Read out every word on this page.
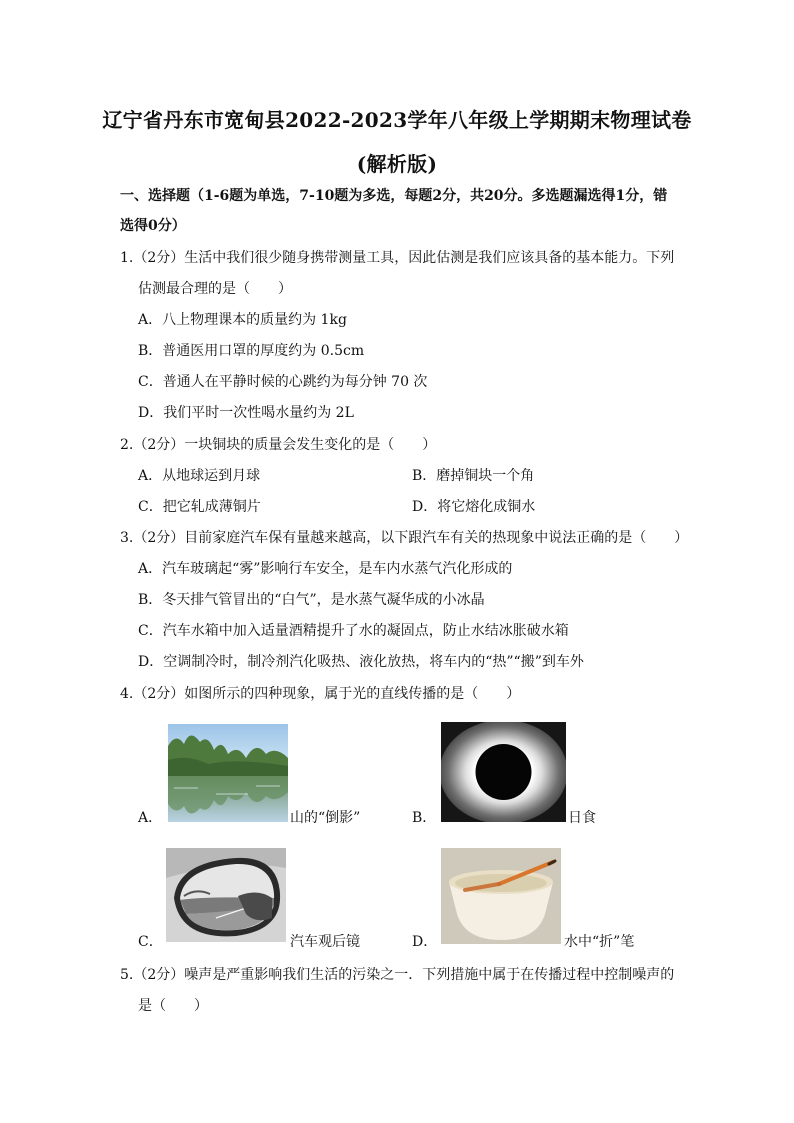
辽宁省丹东市宽甸县2022-2023学年八年级上学期期末物理试卷
(解析版)
一、选择题（1-6题为单选，7-10题为多选，每题2分，共20分。多选题漏选得1分，错
选得0分）
1.（2分）生活中我们很少随身携带测量工具，因此估测是我们应该具备的基本能力。下列
估测最合理的是（　　）
A．八上物理课本的质量约为 1kg
B．普通医用口罩的厚度约为 0.5cm
C．普通人在平静时候的心跳约为每分钟 70 次
D．我们平时一次性喝水量约为 2L
2.（2分）一块铜块的质量会发生变化的是（　　）
A．从地球运到月球	B．磨掉铜块一个角
C．把它轧成薄铜片	D．将它熔化成铜水
3.（2分）目前家庭汽车保有量越来越高，以下跟汽车有关的热现象中说法正确的是（　　）
A．汽车玻璃起“雾”影响行车安全，是车内水蒸气汽化形成的
B．冬天排气管冒出的“白气”，是水蒸气凝华成的小冰晶
C．汽车水箱中加入适量酒精提升了水的凝固点，防止水结冰胀破水箱
D．空调制冷时，制冷剂汽化吸热、液化放热，将车内的“热”“搬”到车外
4.（2分）如图所示的四种现象，属于光的直线传播的是（　　）
A．	山的“倒影”	B．	日食
C．	汽车观后镜	D．	水中“折”笔
5.（2分）噪声是严重影响我们生活的污染之一．下列措施中属于在传播过程中控制噪声的
是（　　）
